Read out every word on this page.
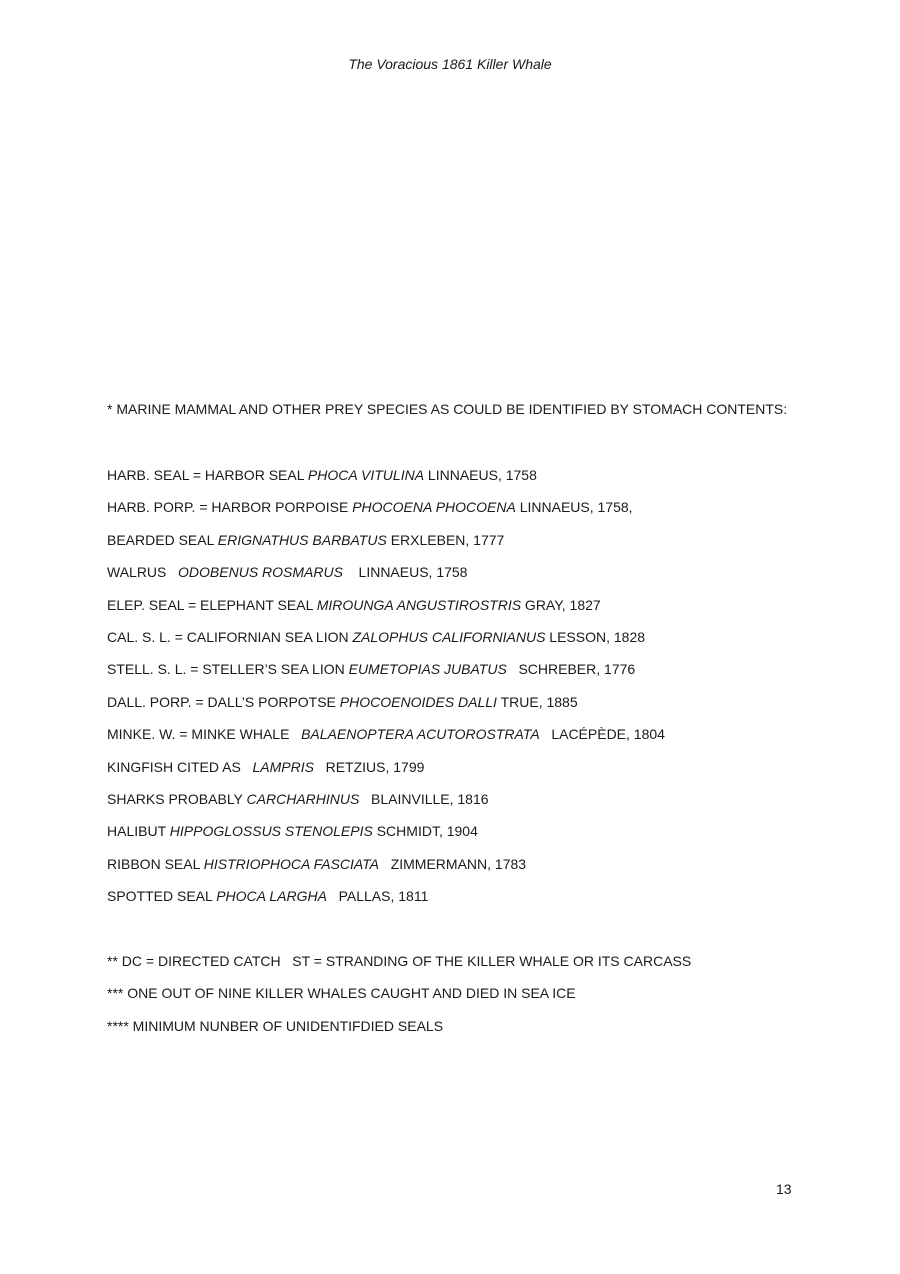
The Voracious 1861 Killer Whale
* MARINE MAMMAL AND OTHER PREY SPECIES AS COULD BE IDENTIFIED BY STOMACH CONTENTS:
HARB. SEAL = HARBOR SEAL PHOCA VITULINA LINNAEUS, 1758
HARB. PORP. = HARBOR PORPOISE PHOCOENA PHOCOENA LINNAEUS, 1758,
BEARDED SEAL ERIGNATHUS BARBATUS ERXLEBEN, 1777
WALRUS   ODOBENUS ROSMARUS    LINNAEUS, 1758
ELEP. SEAL = ELEPHANT SEAL MIROUNGA ANGUSTIROSTRIS GRAY, 1827
CAL. S. L. = CALIFORNIAN SEA LION ZALOPHUS CALIFORNIANUS LESSON, 1828
STELL. S. L. = STELLER’S SEA LION EUMETOPIAS JUBATUS   SCHREBER, 1776
DALL. PORP. = DALL’S PORPOTSE PHOCOENOIDES DALLI TRUE, 1885
MINKE. W. = MINKE WHALE   BALAENOPTERA ACUTOROSTRATA   LACÉPÈDE, 1804
KINGFISH CITED AS   LAMPRIS   RETZIUS, 1799
SHARKS PROBABLY CARCHARHINUS   BLAINVILLE, 1816
HALIBUT HIPPOGLOSSUS STENOLEPIS SCHMIDT, 1904
RIBBON SEAL HISTRIOPHOCA FASCIATA   ZIMMERMANN, 1783
SPOTTED SEAL PHOCA LARGHA   PALLAS, 1811
** DC = DIRECTED CATCH   ST = STRANDING OF THE KILLER WHALE OR ITS CARCASS
*** ONE OUT OF NINE KILLER WHALES CAUGHT AND DIED IN SEA ICE
**** MINIMUM NUNBER OF UNIDENTIFDIED SEALS
13
